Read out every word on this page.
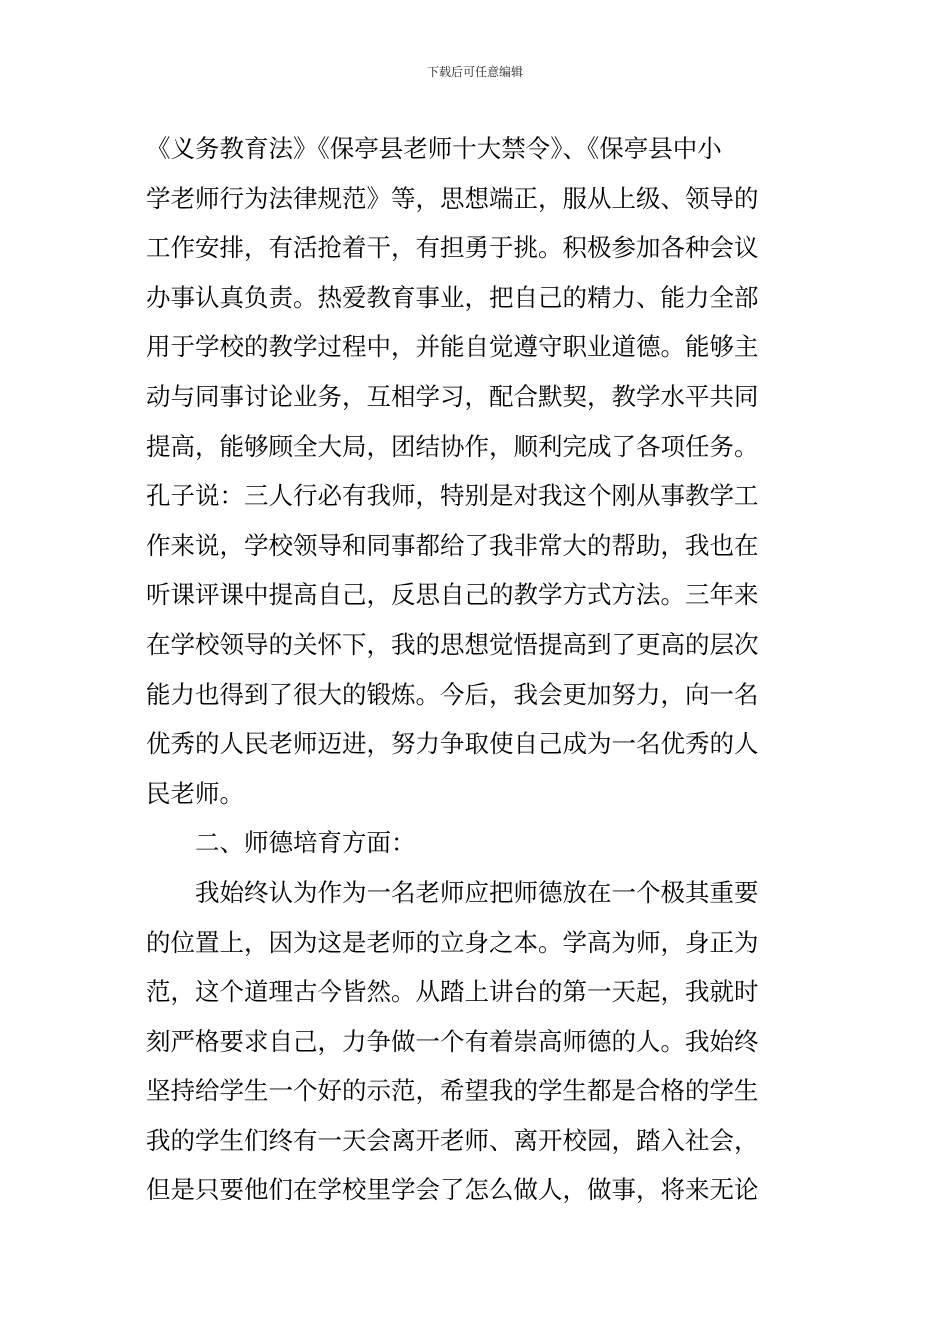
下载后可任意编辑
《义务教育法》《保亭县老师十大禁令》、《保亭县中小
学老师行为法律规范》等，思想端正，服从上级、领导的
工作安排，有活抢着干，有担勇于挑。积极参加各种会议
办事认真负责。热爱教育事业，把自己的精力、能力全部
用于学校的教学过程中，并能自觉遵守职业道德。能够主
动与同事讨论业务，互相学习，配合默契，教学水平共同
提高，能够顾全大局，团结协作，顺利完成了各项任务。
孔子说：三人行必有我师，特别是对我这个刚从事教学工
作来说，学校领导和同事都给了我非常大的帮助，我也在
听课评课中提高自己，反思自己的教学方式方法。三年来
在学校领导的关怀下，我的思想觉悟提高到了更高的层次
能力也得到了很大的锻炼。今后，我会更加努力，向一名
优秀的人民老师迈进，努力争取使自己成为一名优秀的人
民老师。
二、师德培育方面：
我始终认为作为一名老师应把师德放在一个极其重要
的位置上，因为这是老师的立身之本。学高为师，身正为
范，这个道理古今皆然。从踏上讲台的第一天起，我就时
刻严格要求自己，力争做一个有着崇高师德的人。我始终
坚持给学生一个好的示范，希望我的学生都是合格的学生
我的学生们终有一天会离开老师、离开校园，踏入社会，
但是只要他们在学校里学会了怎么做人，做事，将来无论
